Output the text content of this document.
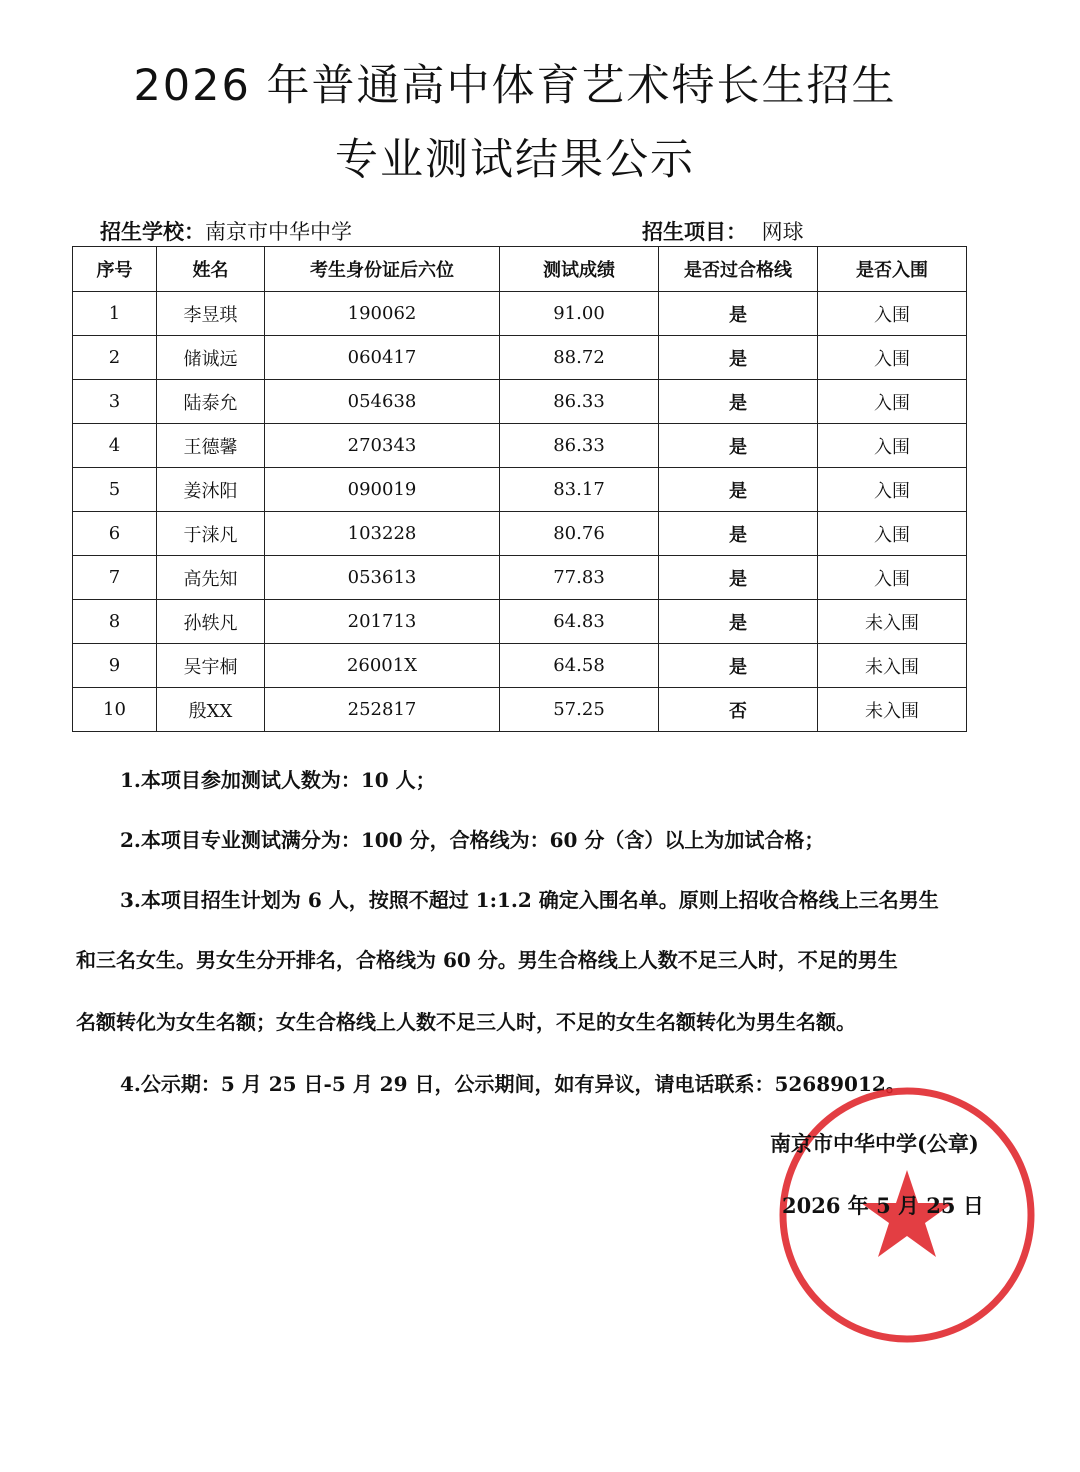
2026 年普通高中体育艺术特长生招生
专业测试结果公示
招生学校：南京市中华中学	招生项目： 网球
序号	姓名	考生身份证后六位	测试成绩	是否过合格线	是否入围
1	李昱琪	190062	91.00	是	入围
2	储诚远	060417	88.72	是	入围
3	陆泰允	054638	86.33	是	入围
4	王德馨	270343	86.33	是	入围
5	姜沐阳	090019	83.17	是	入围
6	于涞凡	103228	80.76	是	入围
7	高先知	053613	77.83	是	入围
8	孙轶凡	201713	64.83	是	未入围
9	吴宇桐	26001X	64.58	是	未入围
10	殷XX	252817	57.25	否	未入围
1.本项目参加测试人数为：10 人；
2.本项目专业测试满分为：100 分，合格线为：60 分（含）以上为加试合格；
3.本项目招生计划为 6 人，按照不超过 1:1.2 确定入围名单。原则上招收合格线上三名男生
和三名女生。男女生分开排名，合格线为 60 分。男生合格线上人数不足三人时，不足的男生
名额转化为女生名额；女生合格线上人数不足三人时，不足的女生名额转化为男生名额。
4.公示期：5 月 25 日-5 月 29 日，公示期间，如有异议，请电话联系：52689012。
南京市中华中学(公章)
2026 年 5 月 25 日
